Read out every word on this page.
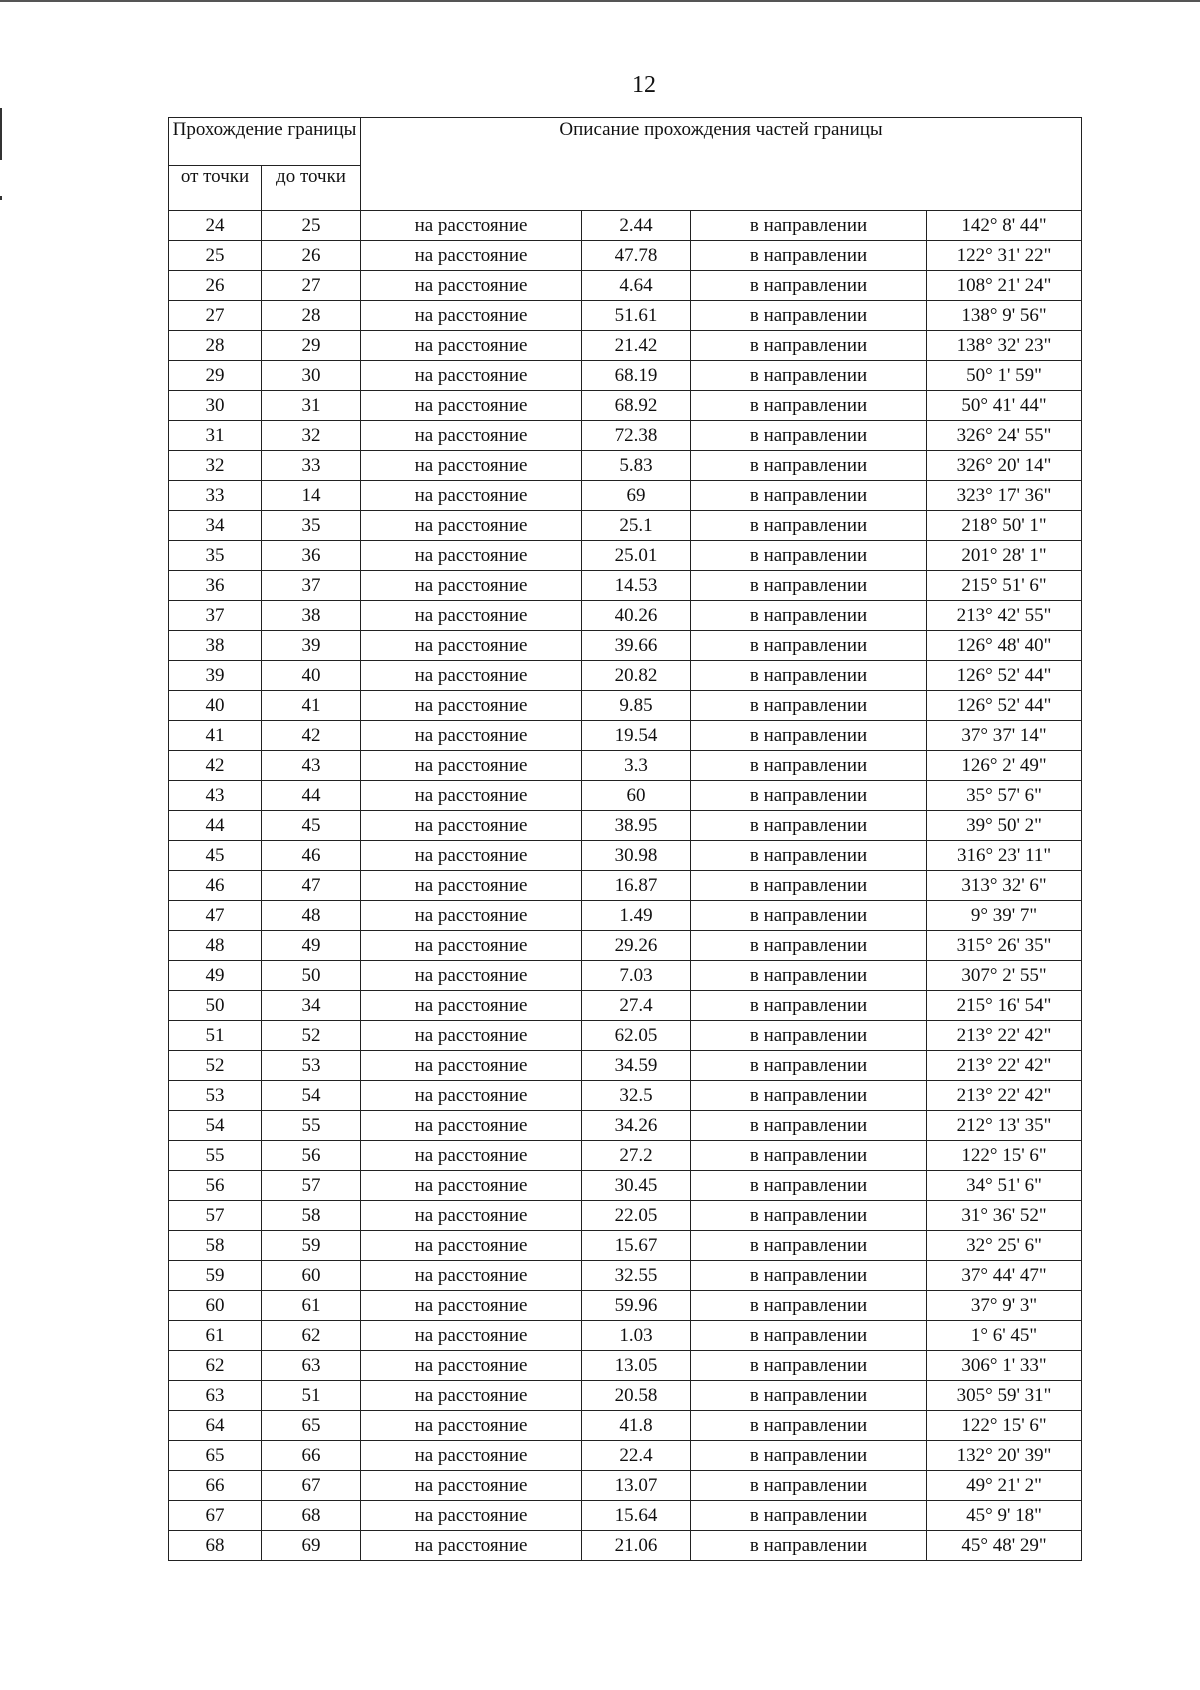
12
Прохождение границы		Описание прохождения частей границы			
от точки	до точки				
24	25	на расстояние	2.44	в направлении	142° 8' 44"
25	26	на расстояние	47.78	в направлении	122° 31' 22"
26	27	на расстояние	4.64	в направлении	108° 21' 24"
27	28	на расстояние	51.61	в направлении	138° 9' 56"
28	29	на расстояние	21.42	в направлении	138° 32' 23"
29	30	на расстояние	68.19	в направлении	50° 1' 59"
30	31	на расстояние	68.92	в направлении	50° 41' 44"
31	32	на расстояние	72.38	в направлении	326° 24' 55"
32	33	на расстояние	5.83	в направлении	326° 20' 14"
33	14	на расстояние	69	в направлении	323° 17' 36"
34	35	на расстояние	25.1	в направлении	218° 50' 1"
35	36	на расстояние	25.01	в направлении	201° 28' 1"
36	37	на расстояние	14.53	в направлении	215° 51' 6"
37	38	на расстояние	40.26	в направлении	213° 42' 55"
38	39	на расстояние	39.66	в направлении	126° 48' 40"
39	40	на расстояние	20.82	в направлении	126° 52' 44"
40	41	на расстояние	9.85	в направлении	126° 52' 44"
41	42	на расстояние	19.54	в направлении	37° 37' 14"
42	43	на расстояние	3.3	в направлении	126° 2' 49"
43	44	на расстояние	60	в направлении	35° 57' 6"
44	45	на расстояние	38.95	в направлении	39° 50' 2"
45	46	на расстояние	30.98	в направлении	316° 23' 11"
46	47	на расстояние	16.87	в направлении	313° 32' 6"
47	48	на расстояние	1.49	в направлении	9° 39' 7"
48	49	на расстояние	29.26	в направлении	315° 26' 35"
49	50	на расстояние	7.03	в направлении	307° 2' 55"
50	34	на расстояние	27.4	в направлении	215° 16' 54"
51	52	на расстояние	62.05	в направлении	213° 22' 42"
52	53	на расстояние	34.59	в направлении	213° 22' 42"
53	54	на расстояние	32.5	в направлении	213° 22' 42"
54	55	на расстояние	34.26	в направлении	212° 13' 35"
55	56	на расстояние	27.2	в направлении	122° 15' 6"
56	57	на расстояние	30.45	в направлении	34° 51' 6"
57	58	на расстояние	22.05	в направлении	31° 36' 52"
58	59	на расстояние	15.67	в направлении	32° 25' 6"
59	60	на расстояние	32.55	в направлении	37° 44' 47"
60	61	на расстояние	59.96	в направлении	37° 9' 3"
61	62	на расстояние	1.03	в направлении	1° 6' 45"
62	63	на расстояние	13.05	в направлении	306° 1' 33"
63	51	на расстояние	20.58	в направлении	305° 59' 31"
64	65	на расстояние	41.8	в направлении	122° 15' 6"
65	66	на расстояние	22.4	в направлении	132° 20' 39"
66	67	на расстояние	13.07	в направлении	49° 21' 2"
67	68	на расстояние	15.64	в направлении	45° 9' 18"
68	69	на расстояние	21.06	в направлении	45° 48' 29"
